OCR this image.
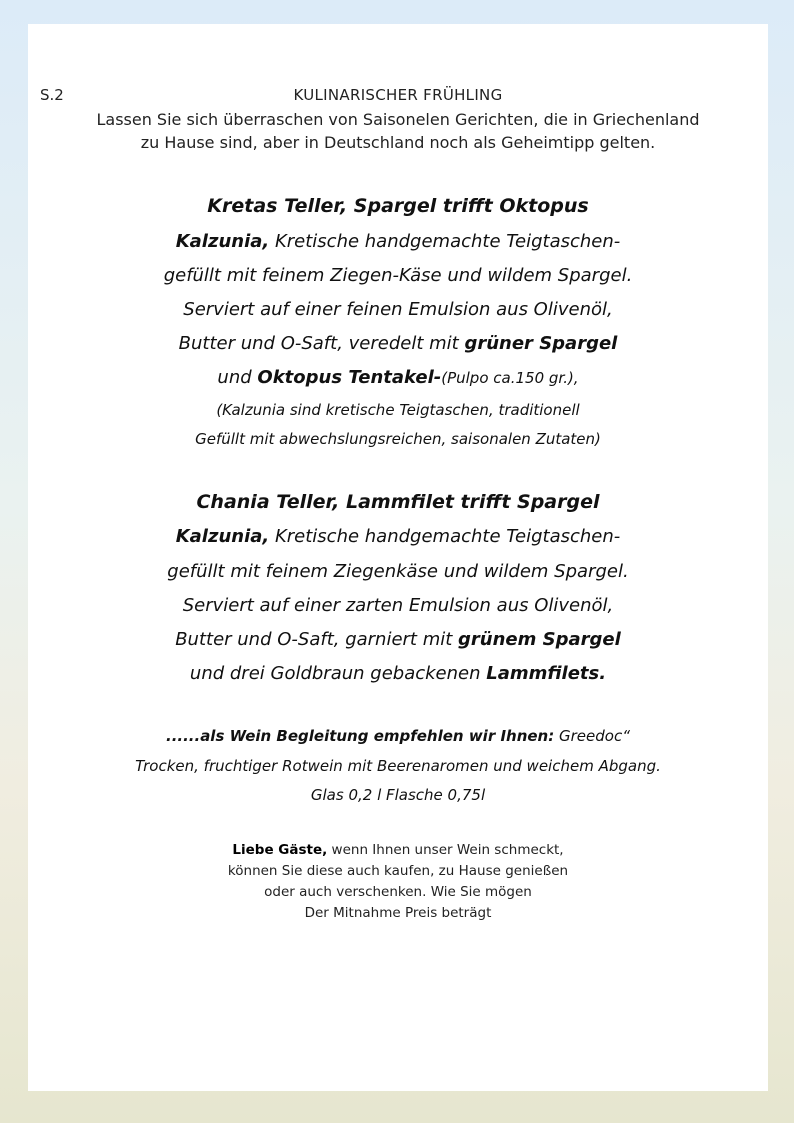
S.2	KULINARISCHER FRÜHLING
Lassen Sie sich überraschen von Saisonelen Gerichten, die in Griechenland
zu Hause sind, aber in Deutschland noch als Geheimtipp gelten.
Kretas Teller, Spargel trifft Oktopus
Kalzunia, Kretische handgemachte Teigtaschen-
gefüllt mit feinem Ziegen-Käse und wildem Spargel.
Serviert auf einer feinen Emulsion aus Olivenöl,
Butter und O-Saft, veredelt mit grüner Spargel
und Oktopus Tentakel-(Pulpo ca.150 gr.),
(Kalzunia sind kretische Teigtaschen, traditionell
Gefüllt mit abwechslungsreichen, saisonalen Zutaten)
Chania Teller, Lammfilet trifft Spargel
Kalzunia, Kretische handgemachte Teigtaschen-
gefüllt mit feinem Ziegenkäse und wildem Spargel.
Serviert auf einer zarten Emulsion aus Olivenöl,
Butter und O-Saft, garniert mit grünem Spargel
und drei Goldbraun gebackenen Lammfilets.
......als Wein Begleitung empfehlen wir Ihnen: Greedoc“
Trocken, fruchtiger Rotwein mit Beerenaromen und weichem Abgang.
Glas 0,2 l Flasche 0,75l
Liebe Gäste, wenn Ihnen unser Wein schmeckt,
können Sie diese auch kaufen, zu Hause genießen
oder auch verschenken. Wie Sie mögen
Der Mitnahme Preis beträgt
